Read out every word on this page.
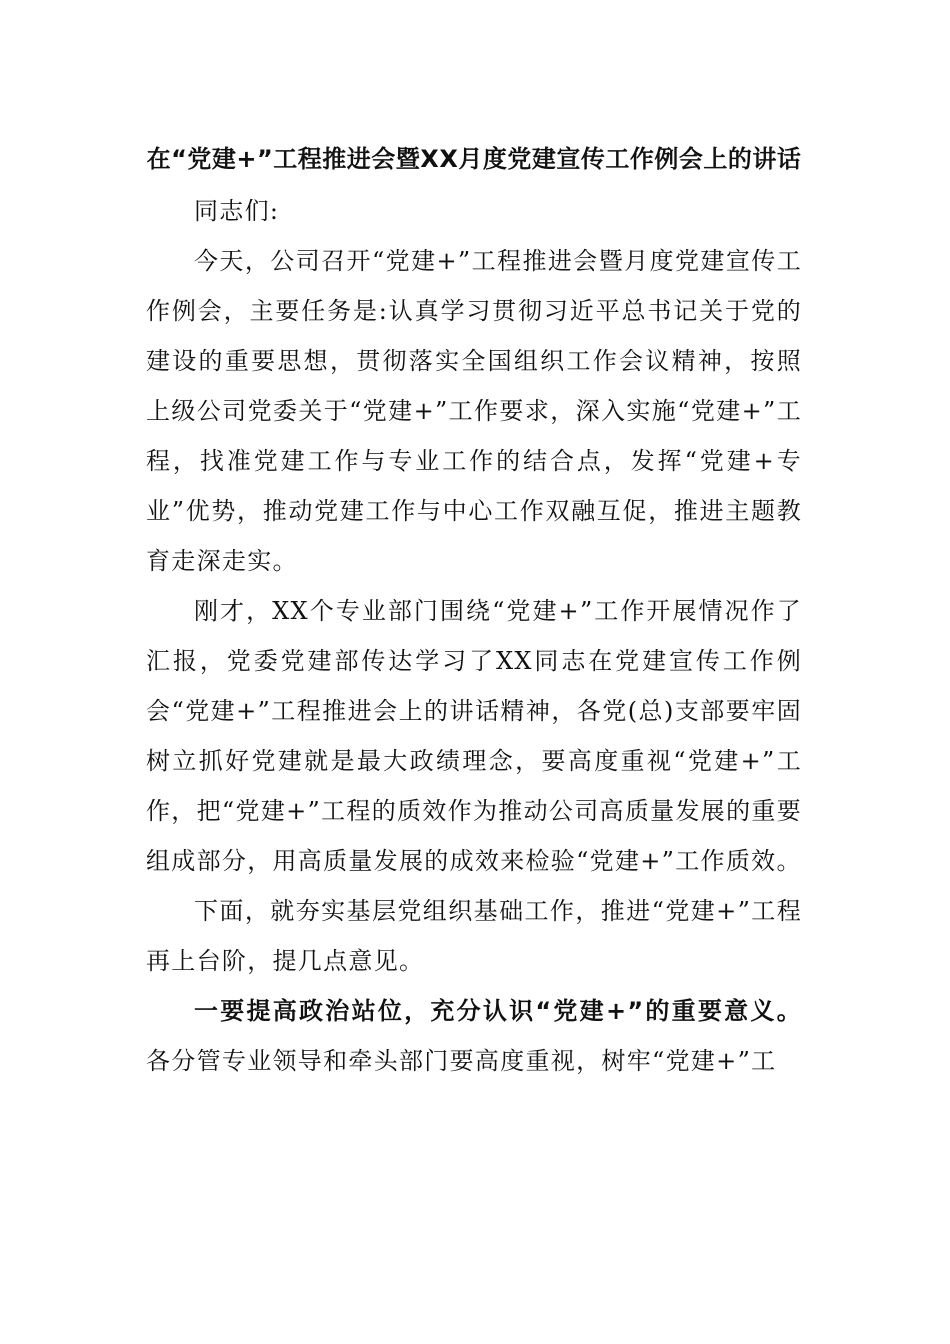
在“党建+”工程推进会暨XX月度党建宣传工作例会上的讲话

同志们:

今天，公司召开“党建+”工程推进会暨月度党建宣传工作例会，主要任务是:认真学习贯彻习近平总书记关于党的建设的重要思想，贯彻落实全国组织工作会议精神，按照上级公司党委关于“党建+”工作要求，深入实施“党建+”工程，找准党建工作与专业工作的结合点，发挥“党建+专业”优势，推动党建工作与中心工作双融互促，推进主题教育走深走实。

刚才，XX个专业部门围绕“党建+”工作开展情况作了汇报，党委党建部传达学习了XX同志在党建宣传工作例会“党建+”工程推进会上的讲话精神，各党(总)支部要牢固树立抓好党建就是最大政绩理念，要高度重视“党建+”工作，把“党建+”工程的质效作为推动公司高质量发展的重要组成部分，用高质量发展的成效来检验“党建+”工作质效。

下面，就夯实基层党组织基础工作，推进“党建+”工程再上台阶，提几点意见。

一要提高政治站位，充分认识“党建+”的重要意义。各分管专业领导和牵头部门要高度重视，树牢“党建+”工
